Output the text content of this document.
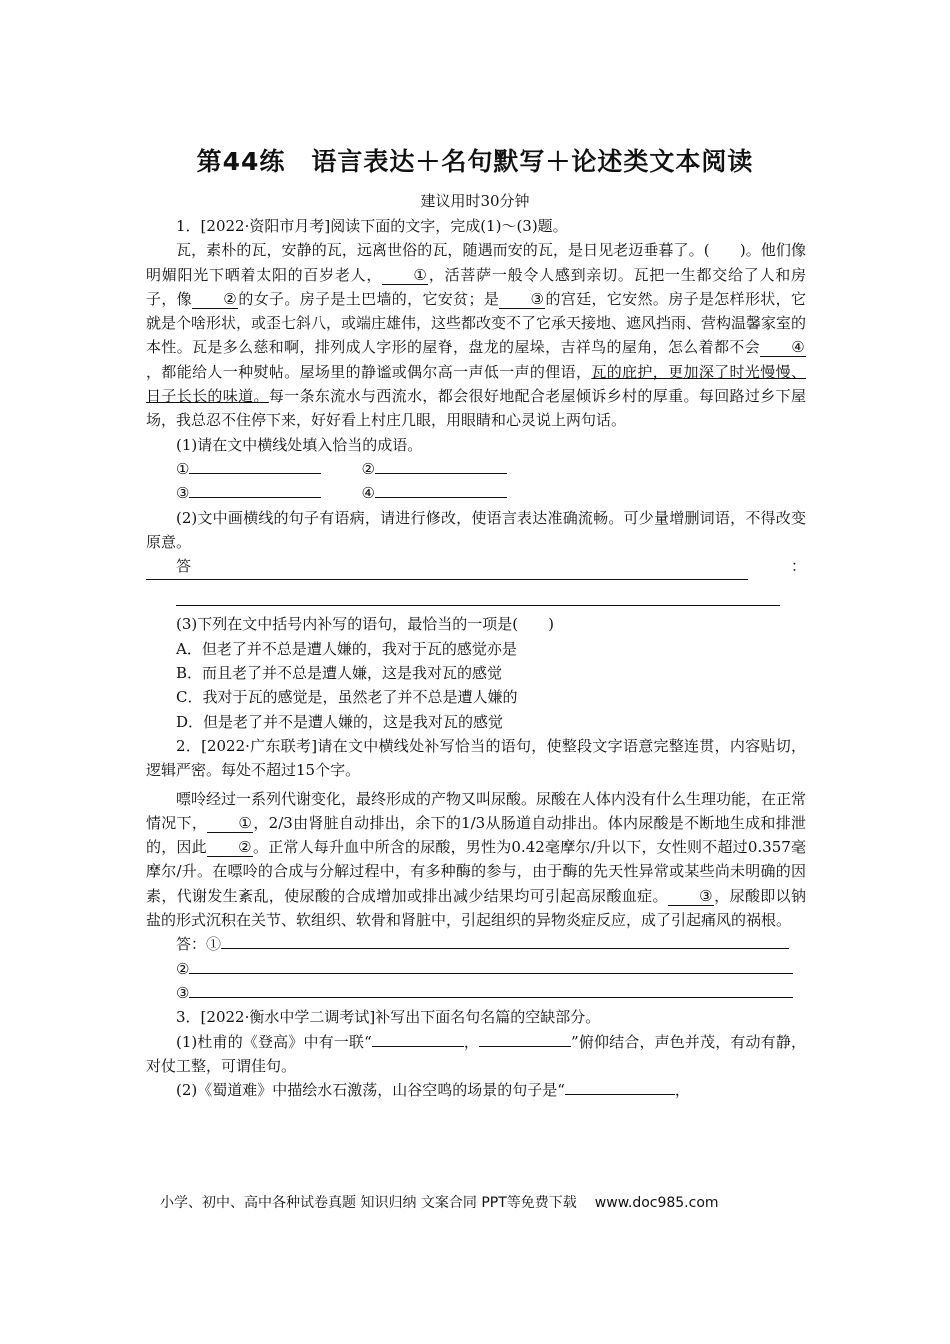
第44练　语言表达＋名句默写＋论述类文本阅读
建议用时30分钟
1．[2022·资阳市月考]阅读下面的文字，完成(1)～(3)题。
瓦，素朴的瓦，安静的瓦，远离世俗的瓦，随遇而安的瓦，是日见老迈垂暮了。(　　)。他们像明媚阳光下晒着太阳的百岁老人， ①，活菩萨一般令人感到亲切。瓦把一生都交给了人和房子，像 ②的女子。房子是土巴墙的，它安贫；是 ③的宫廷，它安然。房子是怎样形状，它就是个啥形状，或歪七斜八，或端庄雄伟，这些都改变不了它承天接地、遮风挡雨、营构温馨家室的本性。瓦是多么慈和啊，排列成人字形的屋脊，盘龙的屋垛，吉祥鸟的屋角，怎么着都不会 ④，都能给人一种熨帖。屋场里的静谧或偶尔高一声低一声的俚语，瓦的庇护，更加深了时光慢慢、日子长长的味道。每一条东流水与西流水，都会很好地配合老屋倾诉乡村的厚重。每回路过乡下屋场，我总忍不住停下来，好好看上村庄几眼，用眼睛和心灵说上两句话。
(1)请在文中横线处填入恰当的成语。
①	②
③	④
(2)文中画横线的句子有语病，请进行修改，使语言表达准确流畅。可少量增删词语，不得改变原意。
答	：
(3)下列在文中括号内补写的语句，最恰当的一项是(　　)
A．但老了并不总是遭人嫌的，我对于瓦的感觉亦是
B．而且老了并不总是遭人嫌，这是我对瓦的感觉
C．我对于瓦的感觉是，虽然老了并不总是遭人嫌的
D．但是老了并不是遭人嫌的，这是我对瓦的感觉
2．[2022·广东联考]请在文中横线处补写恰当的语句，使整段文字语意完整连贯，内容贴切，逻辑严密。每处不超过15个字。
嘌呤经过一系列代谢变化，最终形成的产物又叫尿酸。尿酸在人体内没有什么生理功能，在正常情况下， ①，2/3由肾脏自动排出，余下的1/3从肠道自动排出。体内尿酸是不断地生成和排泄的，因此 ②。正常人每升血中所含的尿酸，男性为0.42毫摩尔/升以下，女性则不超过0.357毫摩尔/升。在嘌呤的合成与分解过程中，有多种酶的参与，由于酶的先天性异常或某些尚未明确的因素，代谢发生紊乱，使尿酸的合成增加或排出减少结果均可引起高尿酸血症。 ③，尿酸即以钠盐的形式沉积在关节、软组织、软骨和肾脏中，引起组织的异物炎症反应，成了引起痛风的祸根。
答：①
②
③
3．[2022·衡水中学二调考试]补写出下面名句名篇的空缺部分。
(1)杜甫的《登高》中有一联“	，	”俯仰结合，声色并茂，有动有静，对仗工整，可谓佳句。
(2)《蜀道难》中描绘水石激荡，山谷空鸣的场景的句子是“	，
小学、初中、高中各种试卷真题 知识归纳 文案合同 PPT等免费下载 www.doc985.com
